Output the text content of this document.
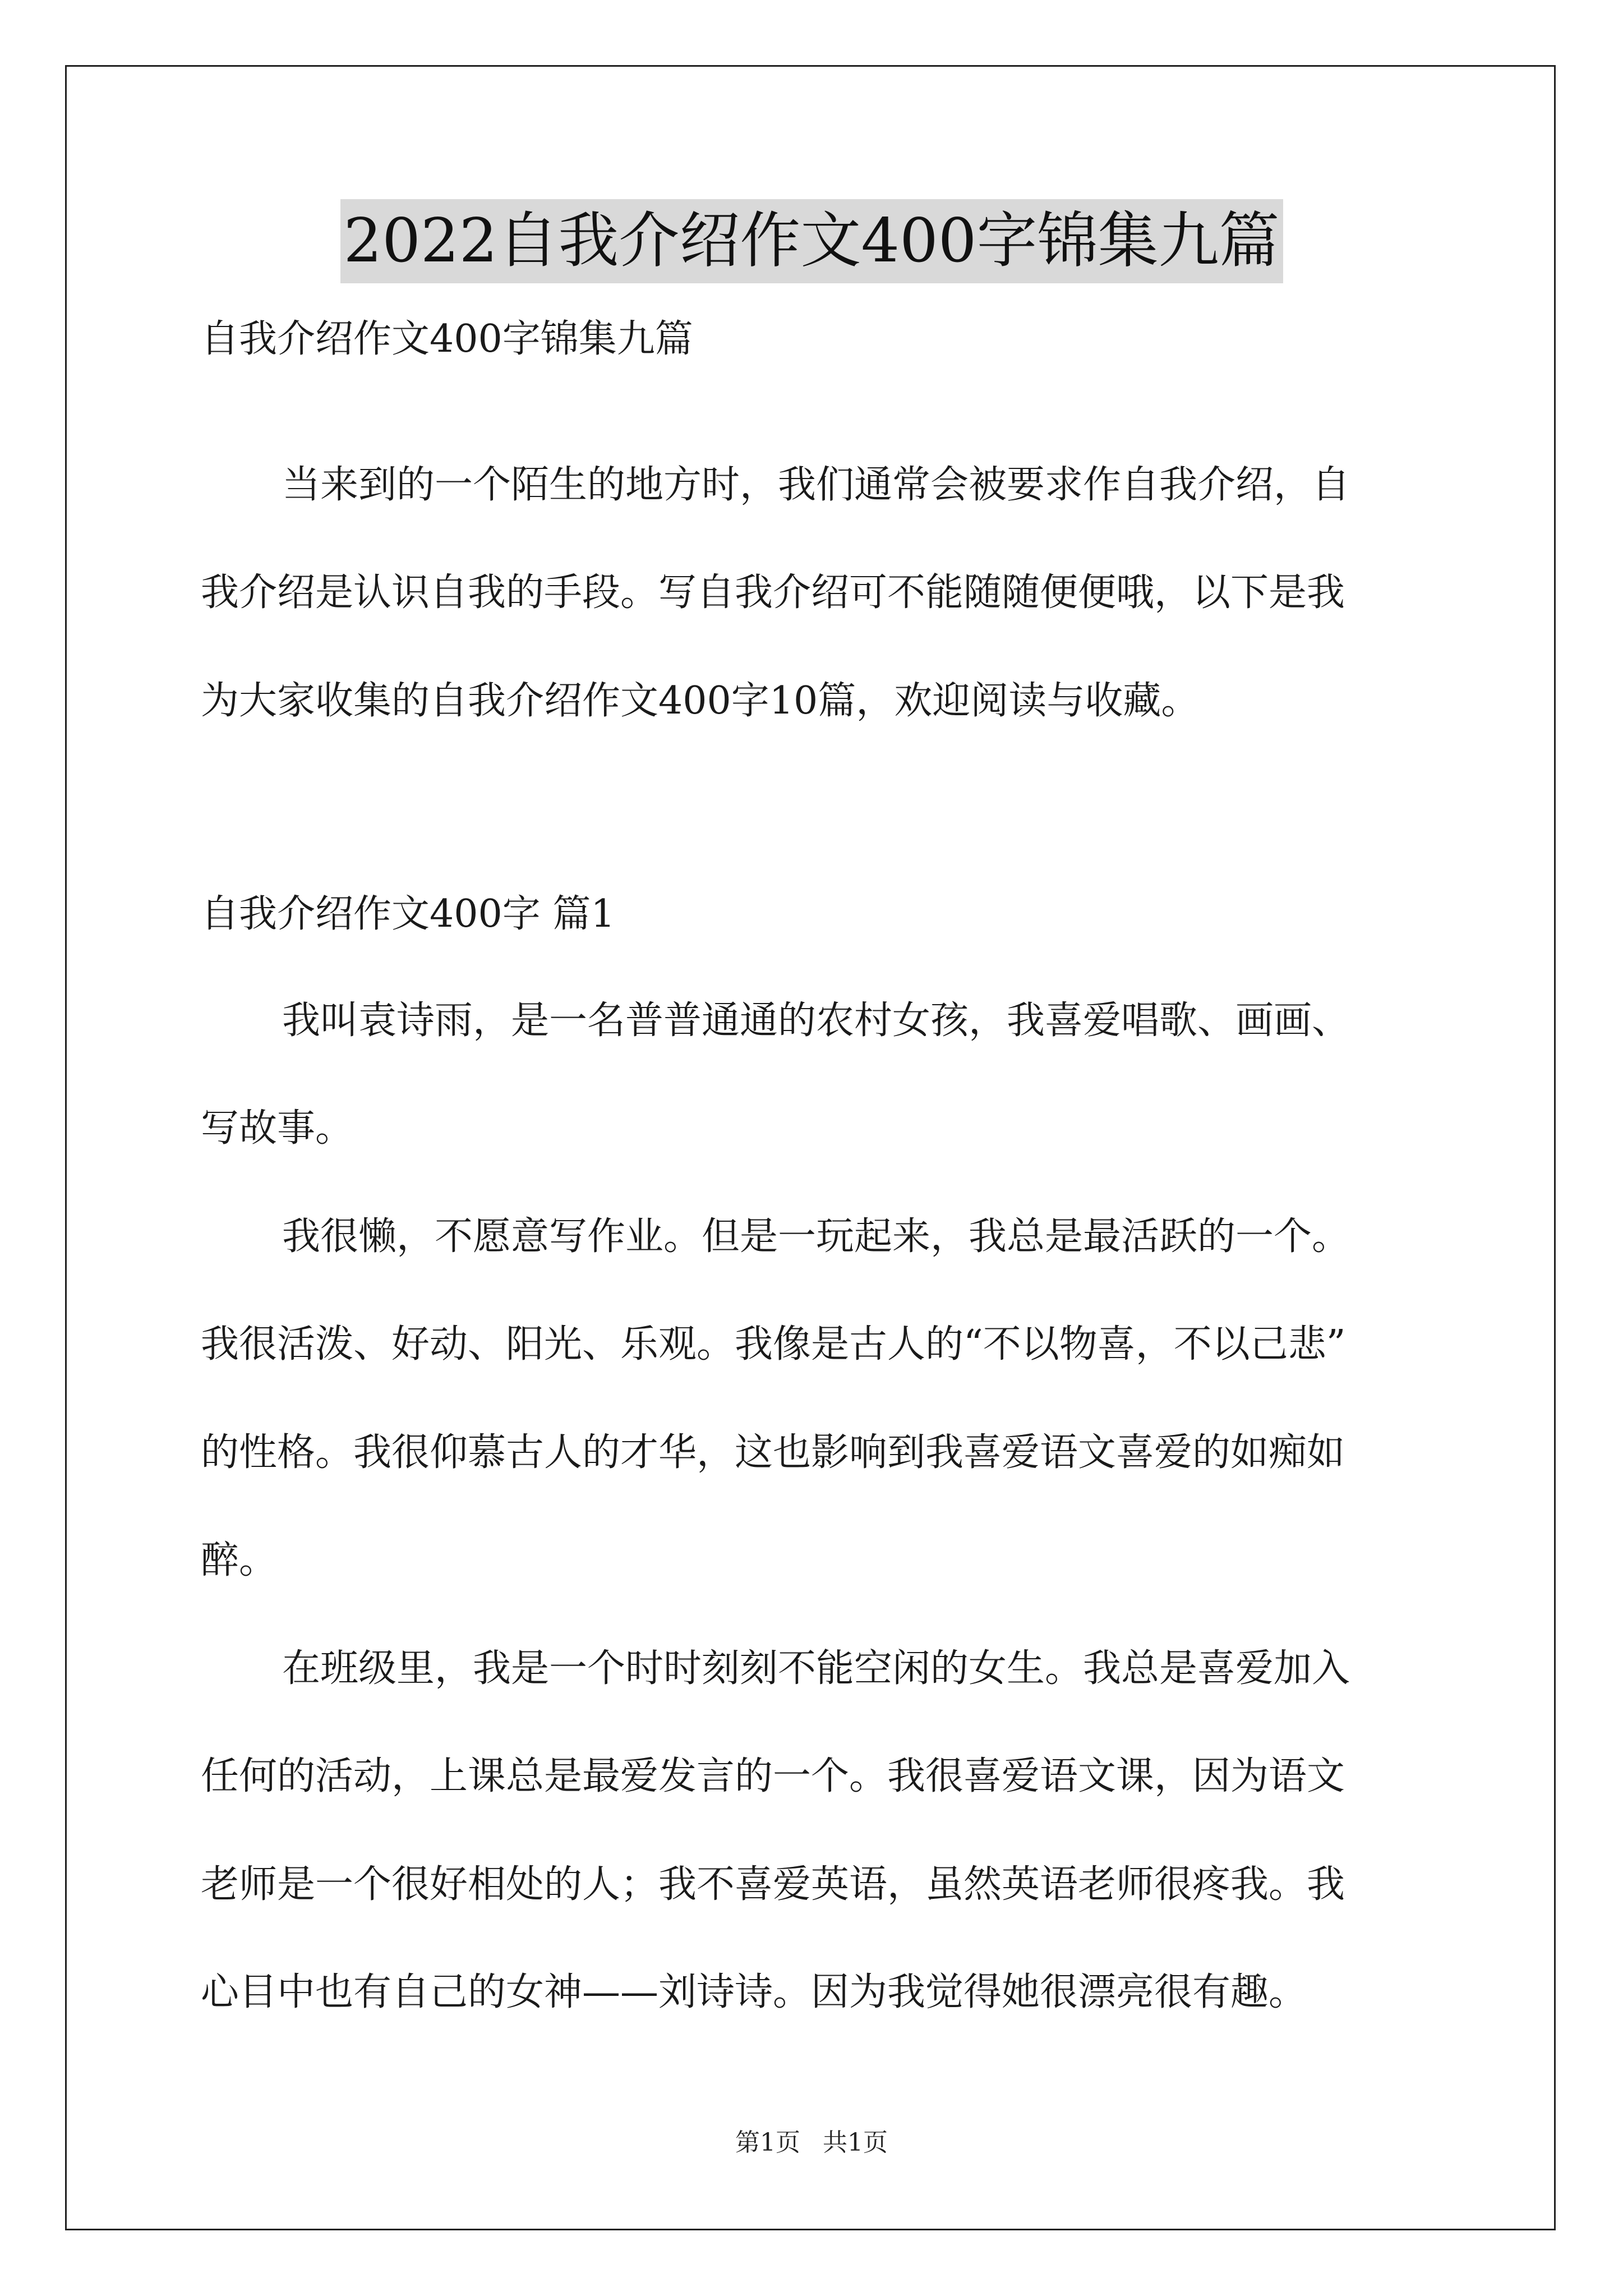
2022自我介绍作文400字锦集九篇
自我介绍作文400字锦集九篇
当来到的一个陌生的地方时，我们通常会被要求作自我介绍，自
我介绍是认识自我的手段。写自我介绍可不能随随便便哦，以下是我
为大家收集的自我介绍作文400字10篇，欢迎阅读与收藏。
自我介绍作文400字 篇1
我叫袁诗雨，是一名普普通通的农村女孩，我喜爱唱歌、画画、
写故事。
我很懒，不愿意写作业。但是一玩起来，我总是最活跃的一个。
我很活泼、好动、阳光、乐观。我像是古人的“不以物喜，不以己悲”
的性格。我很仰慕古人的才华，这也影响到我喜爱语文喜爱的如痴如
醉。
在班级里，我是一个时时刻刻不能空闲的女生。我总是喜爱加入
任何的活动，上课总是最爱发言的一个。我很喜爱语文课，因为语文
老师是一个很好相处的人；我不喜爱英语，虽然英语老师很疼我。我
心目中也有自己的女神——刘诗诗。因为我觉得她很漂亮很有趣。
第1页 共1页
